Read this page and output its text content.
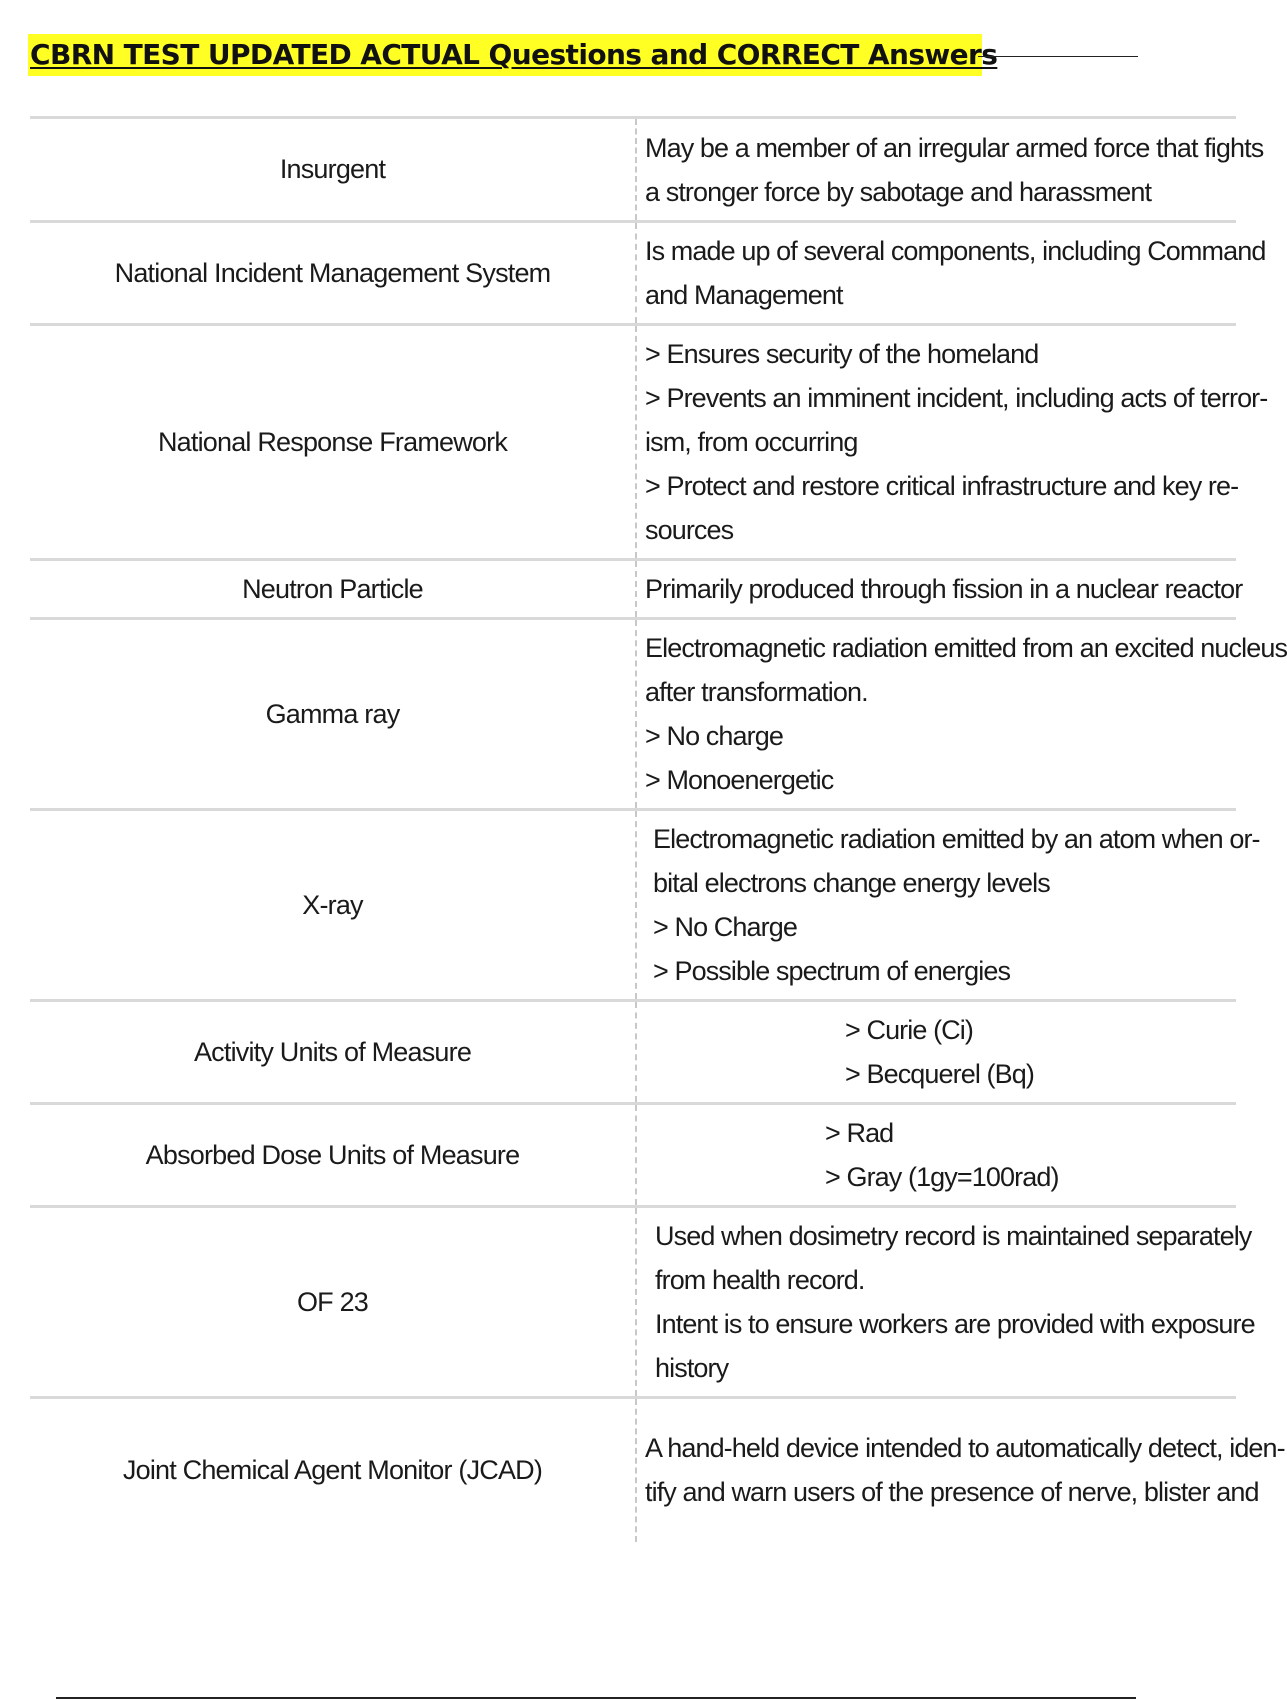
CBRN TEST UPDATED ACTUAL Questions and CORRECT Answers
Insurgent	May be a member of an irregular armed force that fights
a stronger force by sabotage and harassment

National Incident Management System	Is made up of several components, including Command
and Management

National Response Framework	> Ensures security of the homeland
> Prevents an imminent incident, including acts of terror-
ism, from occurring
> Protect and restore critical infrastructure and key re-
sources

Neutron Particle	Primarily produced through fission in a nuclear reactor

Gamma ray	Electromagnetic radiation emitted from an excited nucleus
after transformation.
> No charge
> Monoenergetic

X-ray	Electromagnetic radiation emitted by an atom when or-
bital electrons change energy levels
> No Charge
> Possible spectrum of energies

Activity Units of Measure	> Curie (Ci)
> Becquerel (Bq)

Absorbed Dose Units of Measure	> Rad
> Gray (1gy=100rad)

OF 23	Used when dosimetry record is maintained separately
from health record.
Intent is to ensure workers are provided with exposure
history

Joint Chemical Agent Monitor (JCAD)	A hand-held device intended to automatically detect, iden-
tify and warn users of the presence of nerve, blister and
